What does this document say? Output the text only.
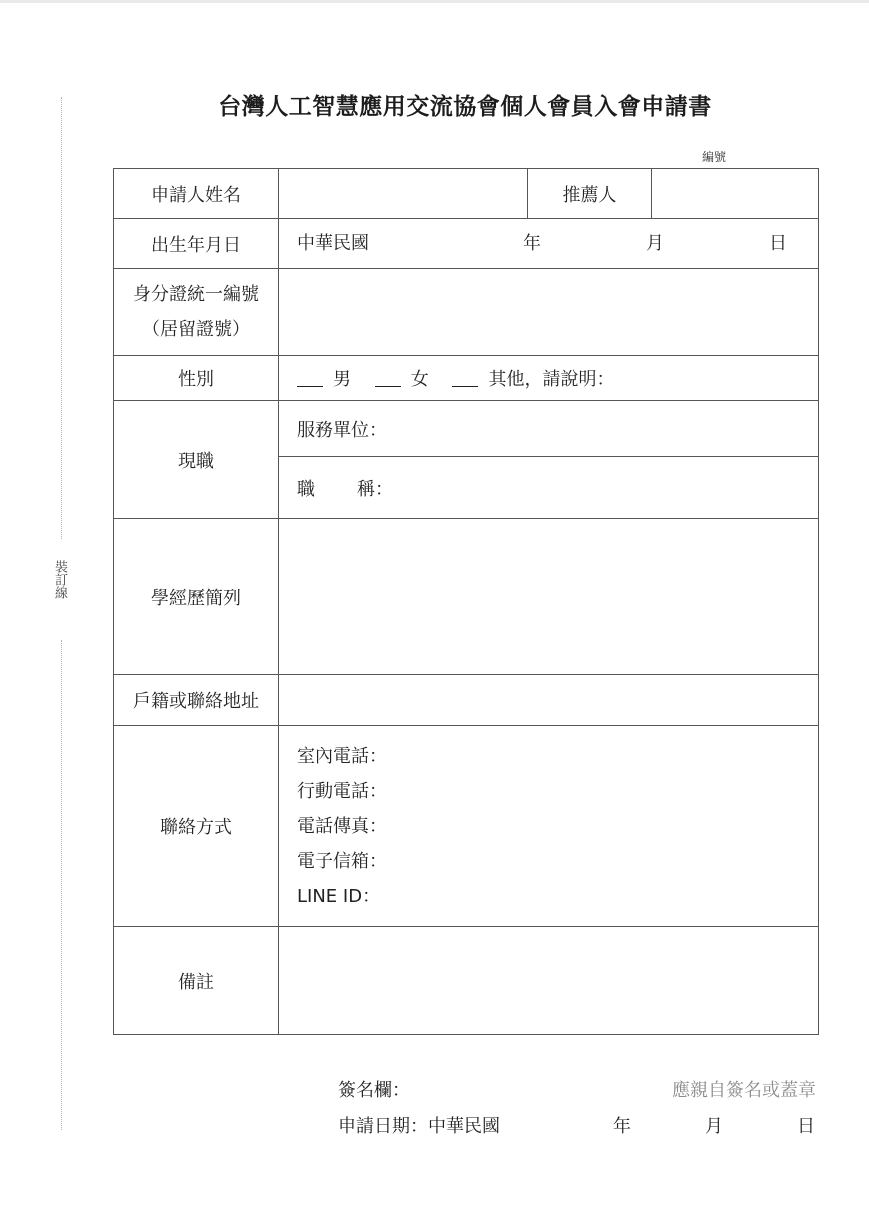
裝訂線
台灣人工智慧應用交流協會個人會員入會申請書
編號
申請人姓名		推薦人	
出生年月日	中華民國 年 月 日		

身分證統一編號
（居留證號）			

性別	男 女 其他，請說明：		
現職	服務單位：		
	職 稱：		
學經歷簡列			
戶籍或聯絡地址			
聯絡方式	室內電話：
行動電話：
電話傳真：
電子信箱：
LINE ID：		

備註			
簽名欄：	應親自簽名或蓋章
申請日期：中華民國	年	月	日
